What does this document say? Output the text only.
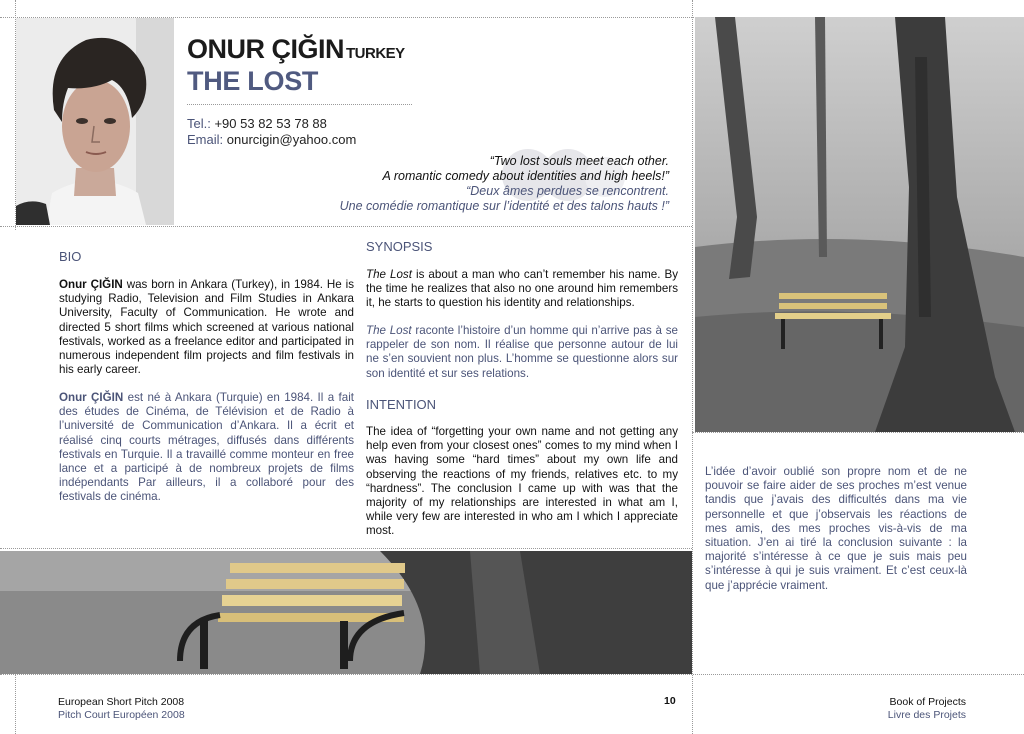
ONUR ÇIĞIN TURKEY
THE LOST
Tel.: +90 53 82 53 78 88
Email: onurcigin@yahoo.com
“Two lost souls meet each other.
A romantic comedy about identities and high heels!”
“Deux âmes perdues se rencontrent.
Une comédie romantique sur l’identité et des talons hauts !”
BIO
Onur ÇIĞIN was born in Ankara (Turkey), in 1984. He is studying Radio, Television and Film Studies in Ankara University, Faculty of Communication. He wrote and directed 5 short films which screened at various national festivals, worked as a freelance editor and participated in numerous independent film projects and film festivals in his early career.
Onur ÇIĞIN est né à Ankara (Turquie) en 1984. Il a fait des études de Cinéma, de Télévision et de Radio à l’université de Communication d’Ankara. Il a écrit et réalisé cinq courts métrages, diffusés dans différents festivals en Turquie. Il a travaillé comme monteur en free lance et a participé à de nombreux projets de films indépendants Par ailleurs, il a collaboré pour des festivals de cinéma.
SYNOPSIS
The Lost is about a man who can’t remember his name. By the time he realizes that also no one around him remembers it, he starts to question his identity and relationships.
The Lost raconte l’histoire d’un homme qui n’arrive pas à se rappeler de son nom. Il réalise que personne autour de lui ne s’en souvient non plus. L’homme se questionne alors sur son identité et sur ses relations.
INTENTION
The idea of “forgetting your own name and not getting any help even from your closest ones” comes to my mind when I was having some “hard times” about my own life and observing the reactions of my friends, relatives etc. to my “hardness”. The conclusion I came up with was that the majority of my relationships are interested in what am I, while very few are interested in who am I which I appreciate most.
L’idée d’avoir oublié son propre nom et de ne pouvoir se faire aider de ses proches m’est venue tandis que j’avais des difficultés dans ma vie personnelle et que j’observais les réactions de mes amis, des mes proches vis-à-vis de ma situation. J’en ai tiré la conclusion suivante : la majorité s’intéresse à ce que je suis mais peu s’intéresse à qui je suis vraiment. Et c’est ceux-là que j’apprécie vraiment.
European Short Pitch 2008
Pitch Court Européen 2008
10	Book of Projects
Livre des Projets
